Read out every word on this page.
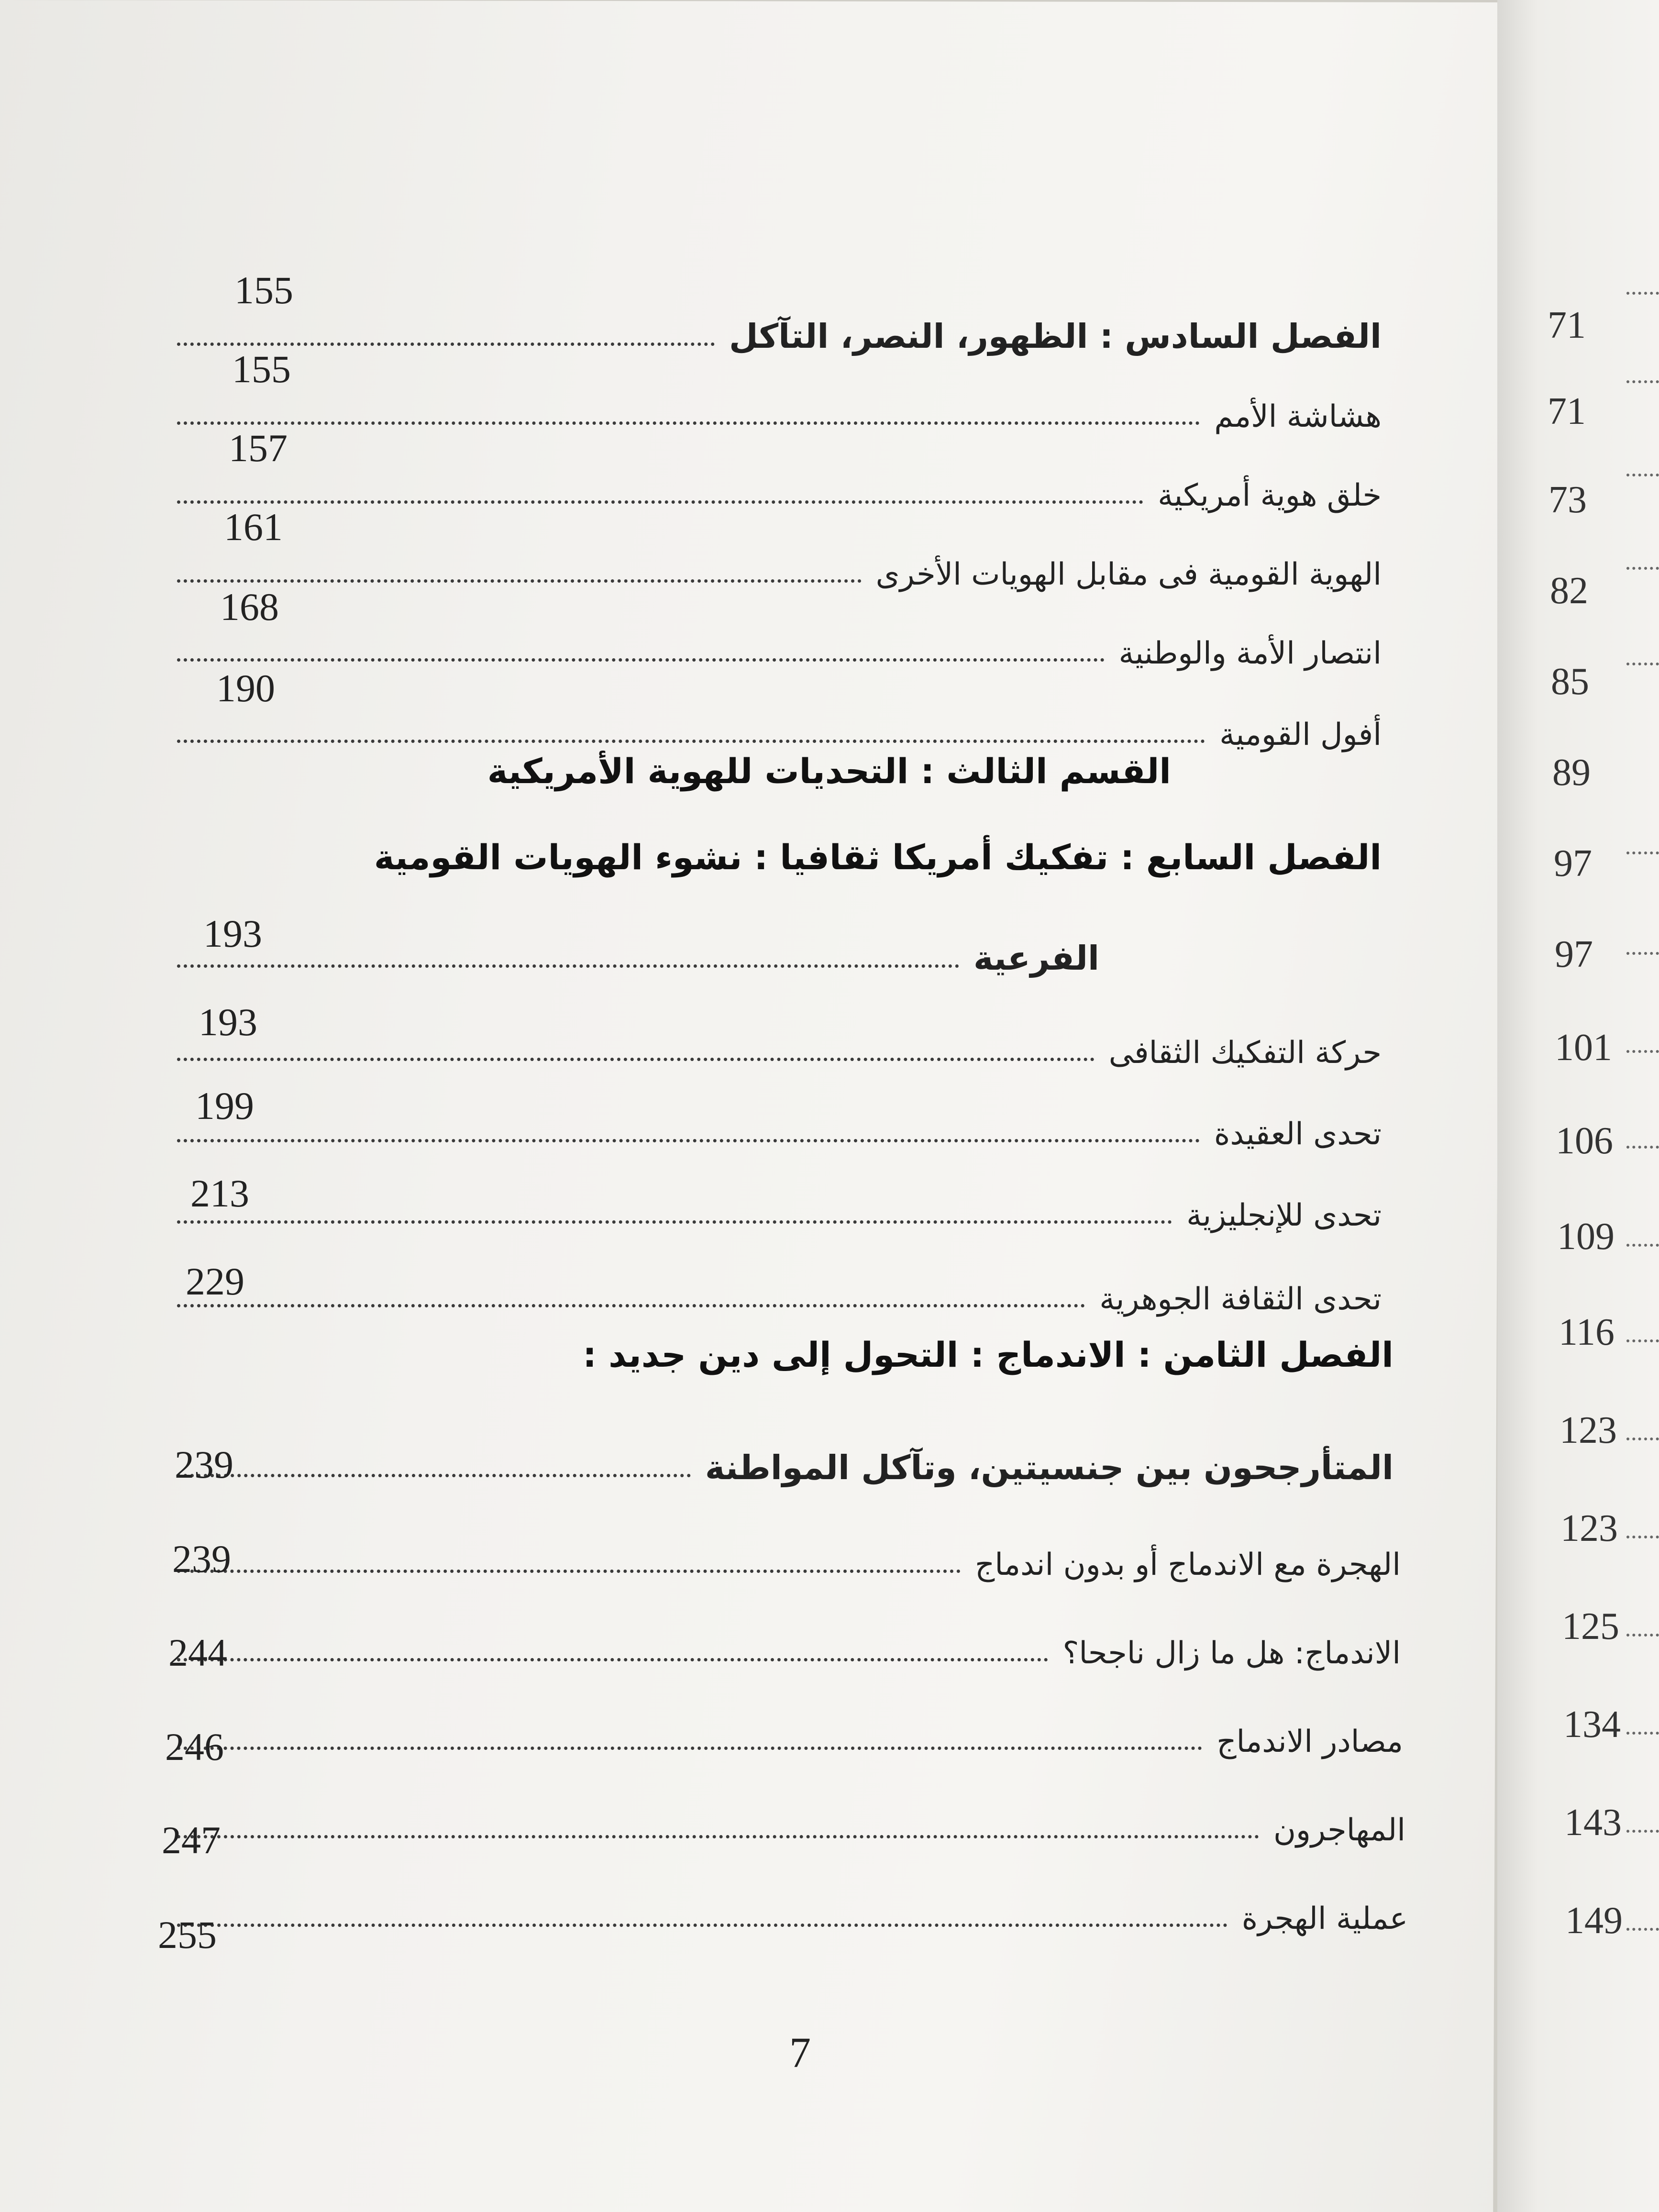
الفصل السادس : الظهور، النصر، التآكل
155
هشاشة الأمم
155
خلق هوية أمريكية
157
الهوية القومية فى مقابل الهويات الأخرى
161
انتصار الأمة والوطنية
168
أفول القومية
190
القسم الثالث : التحديات للهوية الأمريكية
الفصل السابع : تفكيك أمريكا ثقافيا : نشوء الهويات القومية
الفرعية
193
حركة التفكيك الثقافى
193
تحدى العقيدة
199
تحدى للإنجليزية
213
تحدى الثقافة الجوهرية
229
الفصل الثامن : الاندماج : التحول إلى دين جديد :
المتأرجحون بين جنسيتين، وتآكل المواطنة
239
الهجرة مع الاندماج أو بدون اندماج
239
الاندماج: هل ما زال ناجحا؟
244
مصادر الاندماج
246
المهاجرون
247
عملية الهجرة
255
7
71
71
73
82
85
89
97
97
101
106
109
116
123
123
125
134
143
149
